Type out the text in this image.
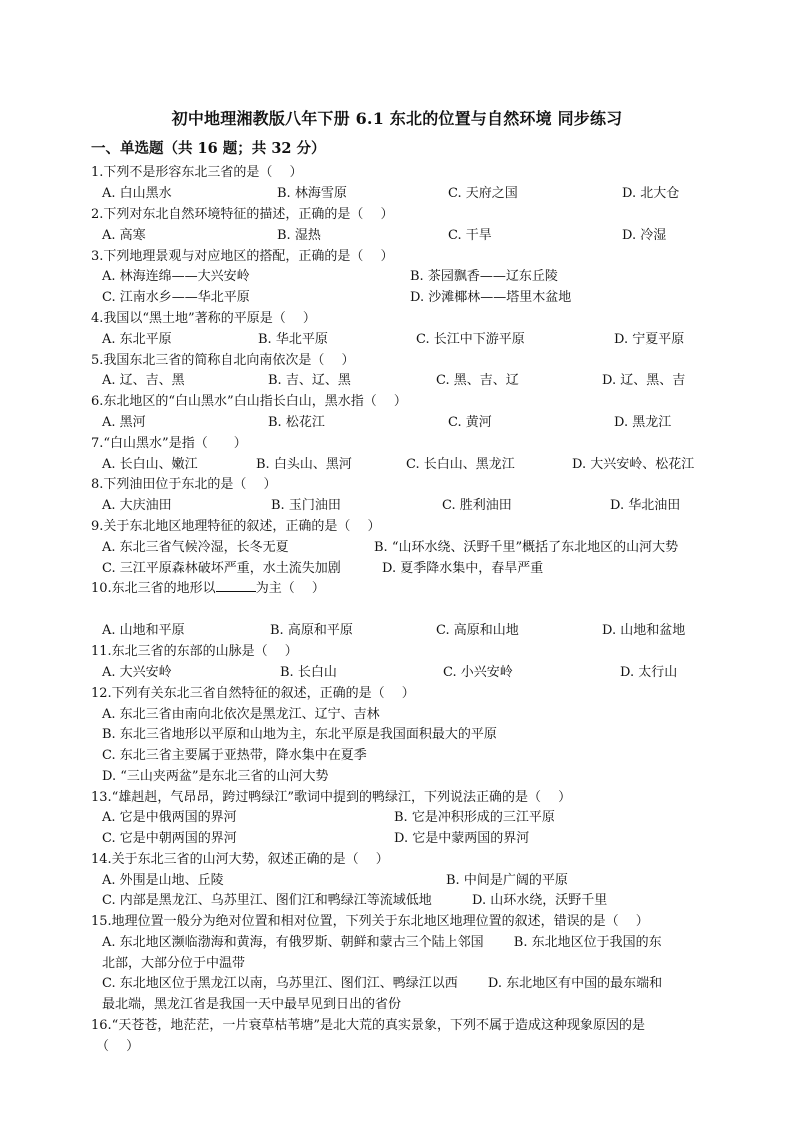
初中地理湘教版八年下册 6.1 东北的位置与自然环境 同步练习
一、单选题（共 16 题；共 32 分）
1.下列不是形容东北三省的是（　 ）
A. 白山黑水	B. 林海雪原	C. 天府之国	D. 北大仓
2.下列对东北自然环境特征的描述，正确的是（　 ）
A. 高寒	B. 湿热	C. 干旱	D. 冷湿
3.下列地理景观与对应地区的搭配，正确的是（　 ）
A. 林海连绵——大兴安岭	B. 茶园飘香——辽东丘陵
C. 江南水乡——华北平原	D. 沙滩椰林——塔里木盆地
4.我国以“黑土地”著称的平原是（　 ）
A. 东北平原	B. 华北平原	C. 长江中下游平原	D. 宁夏平原
5.我国东北三省的简称自北向南依次是（　 ）
A. 辽、吉、黑	B. 吉、辽、黑	C. 黑、吉、辽	D. 辽、黑、吉
6.东北地区的“白山黑水”白山指长白山，黑水指（　 ）
A. 黑河	B. 松花江	C. 黄河	D. 黑龙江
7.“白山黑水”是指（　　）
A. 长白山、嫩江	B. 白头山、黑河	C. 长白山、黑龙江	D. 大兴安岭、松花江
8.下列油田位于东北的是（　 ）
A. 大庆油田	B. 玉门油田	C. 胜利油田	D. 华北油田
9.关于东北地区地理特征的叙述，正确的是（　 ）
A. 东北三省气候冷湿，长冬无夏	B. “山环水绕、沃野千里”概括了东北地区的山河大势
C. 三江平原森林破坏严重，水土流失加剧	D. 夏季降水集中，春旱严重
10.东北三省的地形以	为主（　 ）
A. 山地和平原	B. 高原和平原	C. 高原和山地	D. 山地和盆地
11.东北三省的东部的山脉是（　 ）
A. 大兴安岭	B. 长白山	C. 小兴安岭	D. 太行山
12.下列有关东北三省自然特征的叙述，正确的是（　 ）
A. 东北三省由南向北依次是黑龙江、辽宁、吉林
B. 东北三省地形以平原和山地为主，东北平原是我国面积最大的平原
C. 东北三省主要属于亚热带，降水集中在夏季
D. “三山夹两盆”是东北三省的山河大势
13.“雄赳赳，气昂昂，跨过鸭绿江”歌词中提到的鸭绿江，下列说法正确的是（　 ）
A. 它是中俄两国的界河	B. 它是冲积形成的三江平原
C. 它是中朝两国的界河	D. 它是中蒙两国的界河
14.关于东北三省的山河大势，叙述正确的是（　 ）
A. 外围是山地、丘陵	B. 中间是广阔的平原
C. 内部是黑龙江、乌苏里江、图们江和鸭绿江等流域低地	D. 山环水绕，沃野千里
15.地理位置一般分为绝对位置和相对位置，下列关于东北地区地理位置的叙述，错误的是（　 ）
A. 东北地区濒临渤海和黄海，有俄罗斯、朝鲜和蒙古三个陆上邻国　　 B. 东北地区位于我国的东
北部，大部分位于中温带
C. 东北地区位于黑龙江以南，乌苏里江、图们江、鸭绿江以西　　 D. 东北地区有中国的最东端和
最北端，黑龙江省是我国一天中最早见到日出的省份
16.“天苍苍，地茫茫，一片衰草枯苇塘”是北大荒的真实景象，下列不属于造成这种现象原因的是
（　 ）
